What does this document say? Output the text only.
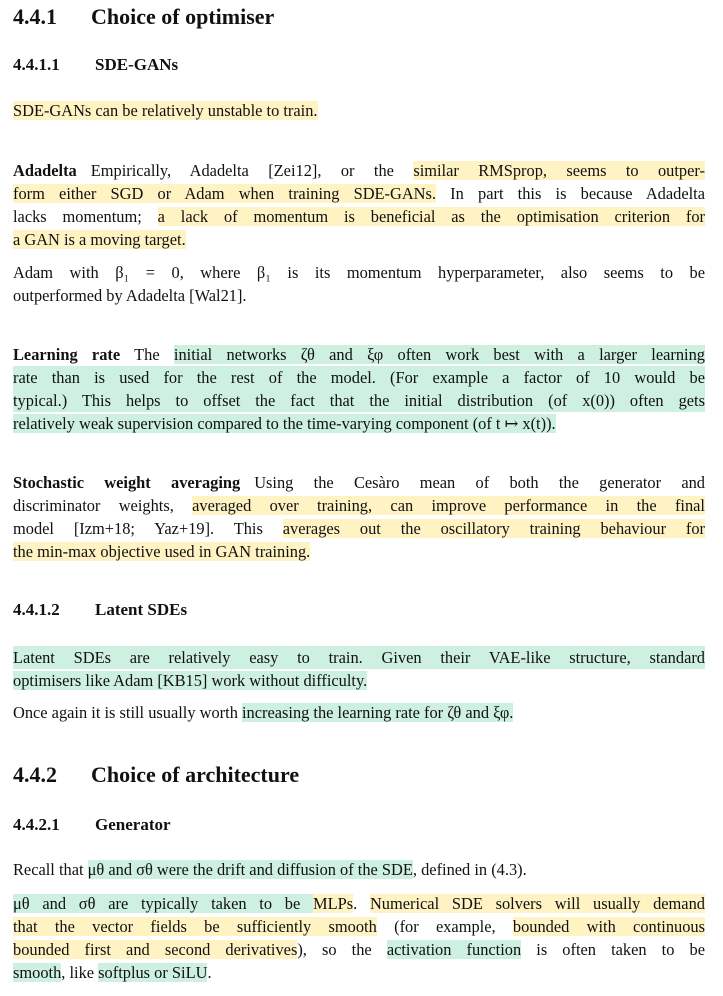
4.4.1 Choice of optimiser
4.4.1.1 SDE-GANs
SDE-GANs can be relatively unstable to train.
Adadelta Empirically, Adadelta [Zei12], or the similar RMSprop, seems to outper-
form either SGD or Adam when training SDE-GANs. In part this is because Adadelta
lacks momentum; a lack of momentum is beneficial as the optimisation criterion for
a GAN is a moving target.
Adam with β₁ = 0, where β₁ is its momentum hyperparameter, also seems to be
outperformed by Adadelta [Wal21].
Learning rate The initial networks ζθ and ξφ often work best with a larger learning
rate than is used for the rest of the model. (For example a factor of 10 would be
typical.) This helps to offset the fact that the initial distribution (of x(0)) often gets
relatively weak supervision compared to the time-varying component (of t ↦ x(t)).
Stochastic weight averaging Using the Cesàro mean of both the generator and
discriminator weights, averaged over training, can improve performance in the final
model [Izm+18; Yaz+19]. This averages out the oscillatory training behaviour for
the min-max objective used in GAN training.
4.4.1.2 Latent SDEs
Latent SDEs are relatively easy to train. Given their VAE-like structure, standard
optimisers like Adam [KB15] work without difficulty.
Once again it is still usually worth increasing the learning rate for ζθ and ξφ.
4.4.2 Choice of architecture
4.4.2.1 Generator
Recall that μθ and σθ were the drift and diffusion of the SDE, defined in (4.3).
μθ and σθ are typically taken to be MLPs. Numerical SDE solvers will usually demand
that the vector fields be sufficiently smooth (for example, bounded with continuous
bounded first and second derivatives), so the activation function is often taken to be
smooth, like softplus or SiLU.
